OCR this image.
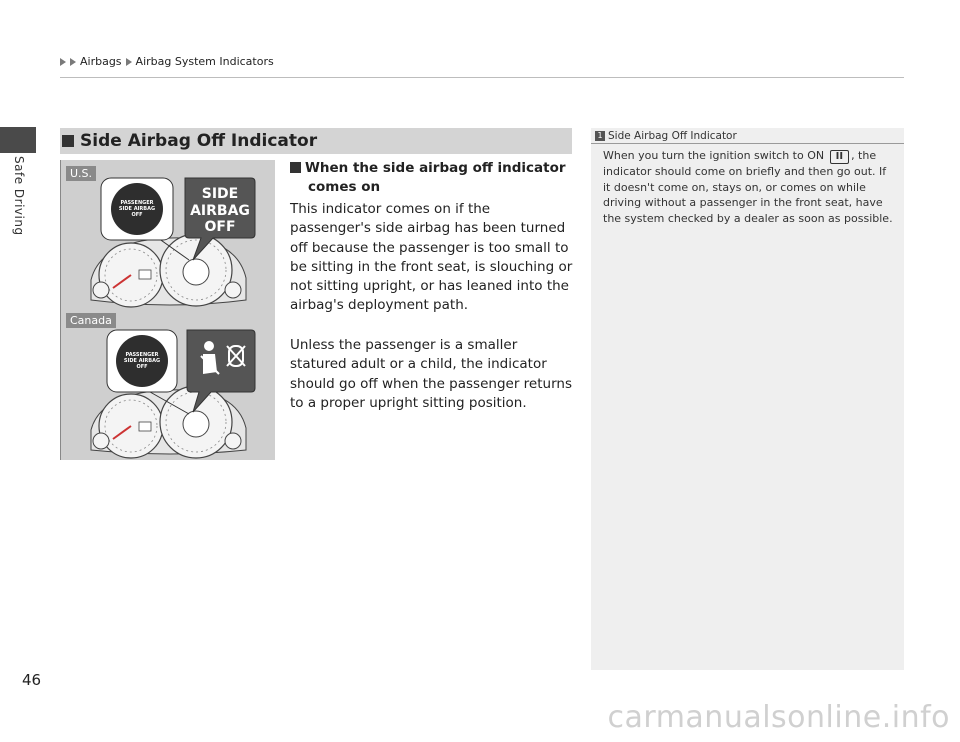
Safe Driving
Airbags Airbag System Indicators
Side Airbag Off Indicator
U.S.
Canada
PASSENGER
SIDE AIRBAG
OFF
SIDE
AIRBAG
OFF
PASSENGER
SIDE AIRBAG
OFF
When the side airbag off indicator
comes on

This indicator comes on if the passenger's side airbag has been turned off because the passenger is too small to be sitting in the front seat, is slouching or not sitting upright, or has leaned into the airbag's deployment path.

Unless the passenger is a smaller statured adult or a child, the indicator should go off when the passenger returns to a proper upright sitting position.

1 Side Airbag Off Indicator
When you turn the ignition switch to ON II , the indicator should come on briefly and then go out. If it doesn't come on, stays on, or comes on while driving without a passenger in the front seat, have the system checked by a dealer as soon as possible.
46
carmanualsonline.info
